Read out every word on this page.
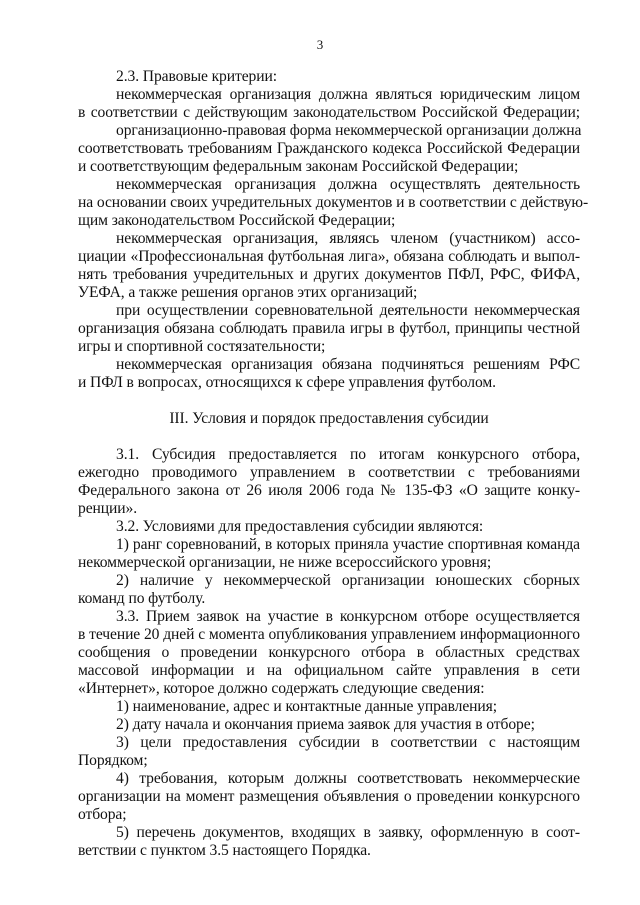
3
2.3. Правовые критерии:
некоммерческая организация должна являться юридическим лицом
в соответствии с действующим законодательством Российской Федерации;
организационно-правовая форма некоммерческой организации должна
соответствовать требованиям Гражданского кодекса Российской Федерации
и соответствующим федеральным законам Российской Федерации;
некоммерческая организация должна осуществлять деятельность
на основании своих учредительных документов и в соответствии с действую-
щим законодательством Российской Федерации;
некоммерческая организация, являясь членом (участником) ассо-
циации «Профессиональная футбольная лига», обязана соблюдать и выпол-
нять требования учредительных и других документов ПФЛ, РФС, ФИФА,
УЕФА, а также решения органов этих организаций;
при осуществлении соревновательной деятельности некоммерческая
организация обязана соблюдать правила игры в футбол, принципы честной
игры и спортивной состязательности;
некоммерческая организация обязана подчиняться решениям РФС
и ПФЛ в вопросах, относящихся к сфере управления футболом.
III. Условия и порядок предоставления субсидии
3.1. Субсидия предоставляется по итогам конкурсного отбора,
ежегодно проводимого управлением в соответствии с требованиями
Федерального закона от 26 июля 2006 года № 135-ФЗ «О защите конку-
ренции».
3.2. Условиями для предоставления субсидии являются:
1) ранг соревнований, в которых приняла участие спортивная команда
некоммерческой организации, не ниже всероссийского уровня;
2) наличие у некоммерческой организации юношеских сборных
команд по футболу.
3.3. Прием заявок на участие в конкурсном отборе осуществляется
в течение 20 дней с момента опубликования управлением информационного
сообщения о проведении конкурсного отбора в областных средствах
массовой информации и на официальном сайте управления в сети
«Интернет», которое должно содержать следующие сведения:
1) наименование, адрес и контактные данные управления;
2) дату начала и окончания приема заявок для участия в отборе;
3) цели предоставления субсидии в соответствии с настоящим
Порядком;
4) требования, которым должны соответствовать некоммерческие
организации на момент размещения объявления о проведении конкурсного
отбора;
5) перечень документов, входящих в заявку, оформленную в соот-
ветствии с пунктом 3.5 настоящего Порядка.
